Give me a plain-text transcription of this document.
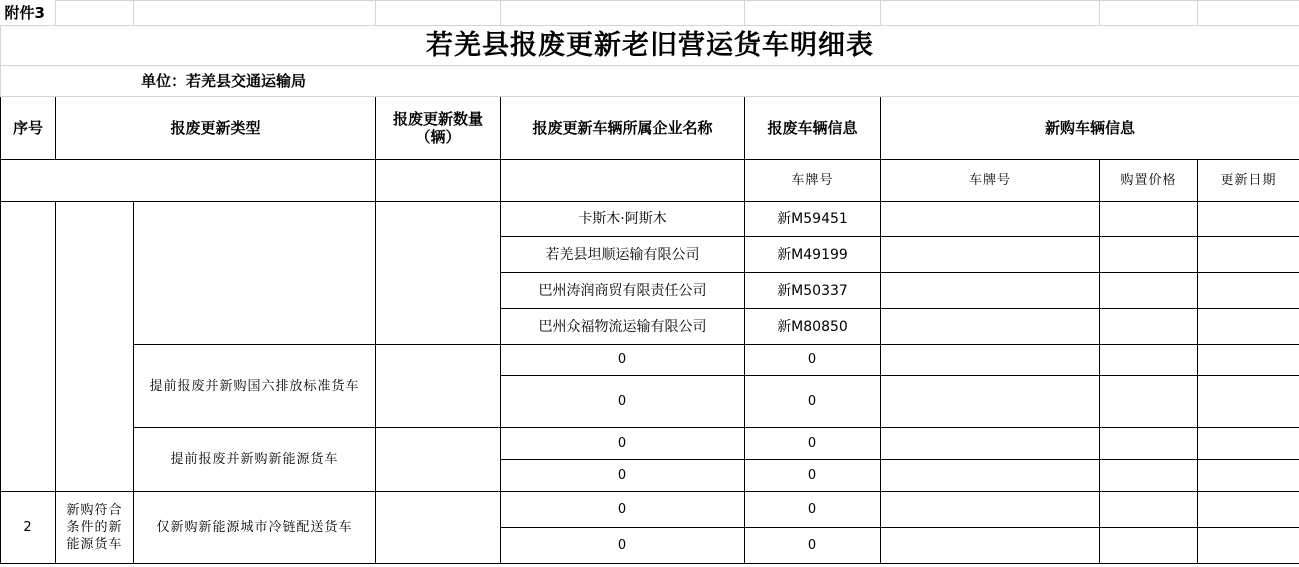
附件3								
若羌县报废更新老旧营运货车明细表								
单位：若羌县交通运输局								
序号	报废更新类型		报废更新数量（辆）	报废更新车辆所属企业名称	报废车辆信息	新购车辆信息		
					车牌号	车牌号	购置价格	更新日期
				卡斯木·阿斯木	新M59451			
				若羌县坦顺运输有限公司	新M49199			
				巴州涛润商贸有限责任公司	新M50337			
				巴州众福物流运输有限公司	新M80850			
		提前报废并新购国六排放标准货车		0	0			
				0	0			
		提前报废并新购新能源货车		0	0			
				0	0			
2	新购符合条件的新能源货车	仅新购新能源城市冷链配送货车		0	0			
				0	0			
